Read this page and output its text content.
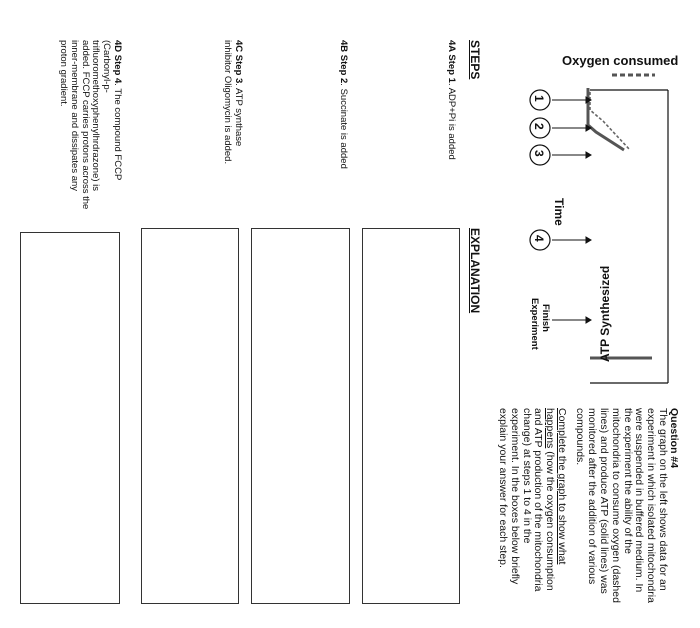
Question #4
The graph on the left shows data for an experiment in which isolated mitochondria were suspended in buffered medium. In the experiment the ability of the mitochondria to consume oxygen (dashed lines) and produce ATP (solid lines) was monitored after the addition of various compounds.
Complete the graph to show what happens (how the oxygen consumption and ATP production of the mitochondria change) at steps 1 to 4 in the experiment. In the boxes below briefly explain your answer for each step.
1
2
3
4
Oxygen consumed
Time
Finish Experiment	ATP Synthesized
STEPS
EXPLANATION
4A Step 1. ADP+Pi is added
4B Step 2. Succinate is added
4C Step 3. ATP synthase inhibitor Oligomycin is added.
4D Step 4. The compound FCCP (Carbonyl-p-trifluoromethoxyphenylhrdrazone) is added. FCCP carries protons across the inner-membrane and dissipates any proton gradient.
